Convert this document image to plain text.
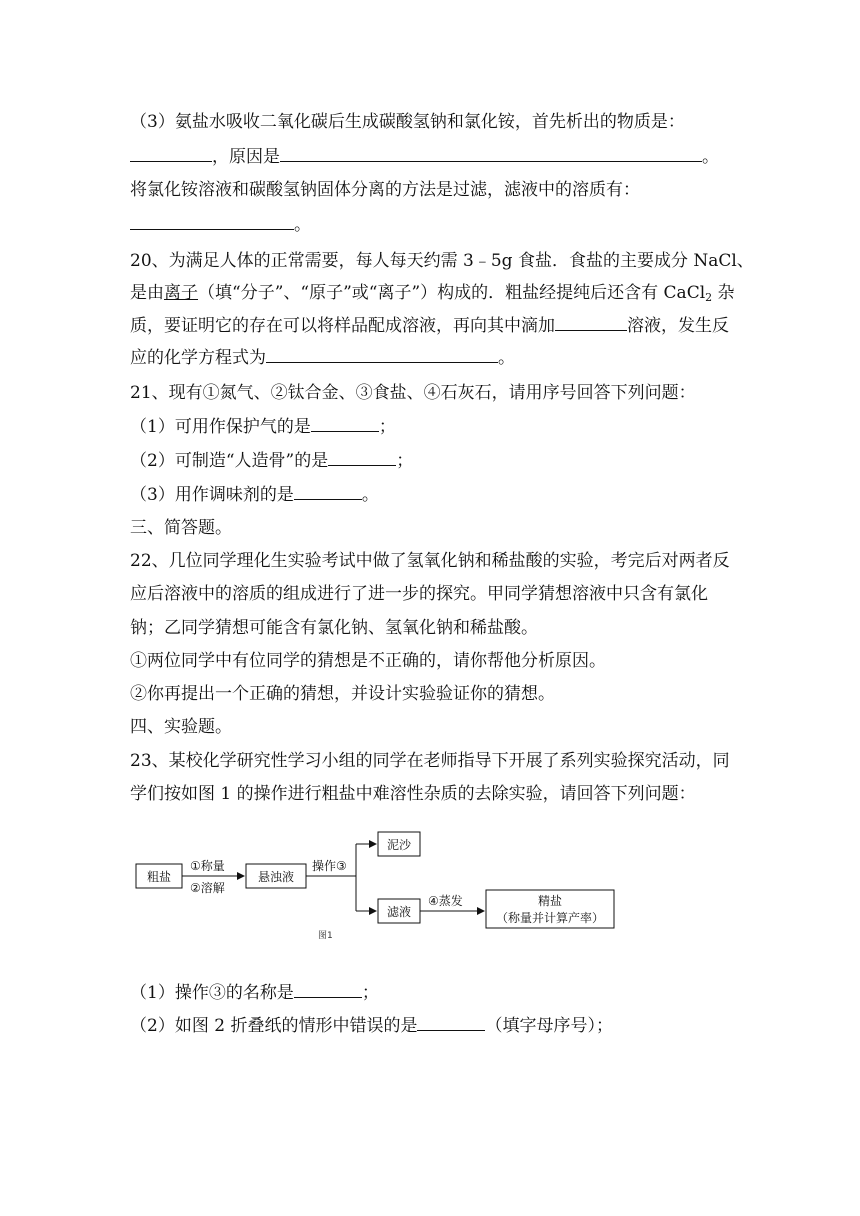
（3）氨盐水吸收二氧化碳后生成碳酸氢钠和氯化铵，首先析出的物质是：
，原因是	。
将氯化铵溶液和碳酸氢钠固体分离的方法是过滤，滤液中的溶质有：
。
20、为满足人体的正常需要，每人每天约需 3﹣5g 食盐．食盐的主要成分 NaCl、
是由离子（填“分子”、“原子”或“离子”）构成的．粗盐经提纯后还含有 CaCl$_2$ 杂
质，要证明它的存在可以将样品配成溶液，再向其中滴加	溶液，发生反
应的化学方程式为	。
21、现有①氮气、②钛合金、③食盐、④石灰石，请用序号回答下列问题：
（1）可用作保护气的是	；
（2）可制造“人造骨”的是	；
（3）用作调味剂的是	。
三、简答题。
22、几位同学理化生实验考试中做了氢氧化钠和稀盐酸的实验，考完后对两者反
应后溶液中的溶质的组成进行了进一步的探究。甲同学猜想溶液中只含有氯化
钠；乙同学猜想可能含有氯化钠、氢氧化钠和稀盐酸。
①两位同学中有位同学的猜想是不正确的，请你帮他分析原因。
②你再提出一个正确的猜想，并设计实验验证你的猜想。
四、实验题。
23、某校化学研究性学习小组的同学在老师指导下开展了系列实验探究活动，同
学们按如图 1 的操作进行粗盐中难溶性杂质的去除实验，请回答下列问题：
粗盐
①称量
②溶解
悬浊液
操作③
泥沙
滤液
④蒸发	精盐
（称量并计算产率）
图1
（1）操作③的名称是	；
（2）如图 2 折叠纸的情形中错误的是	（填字母序号）；
